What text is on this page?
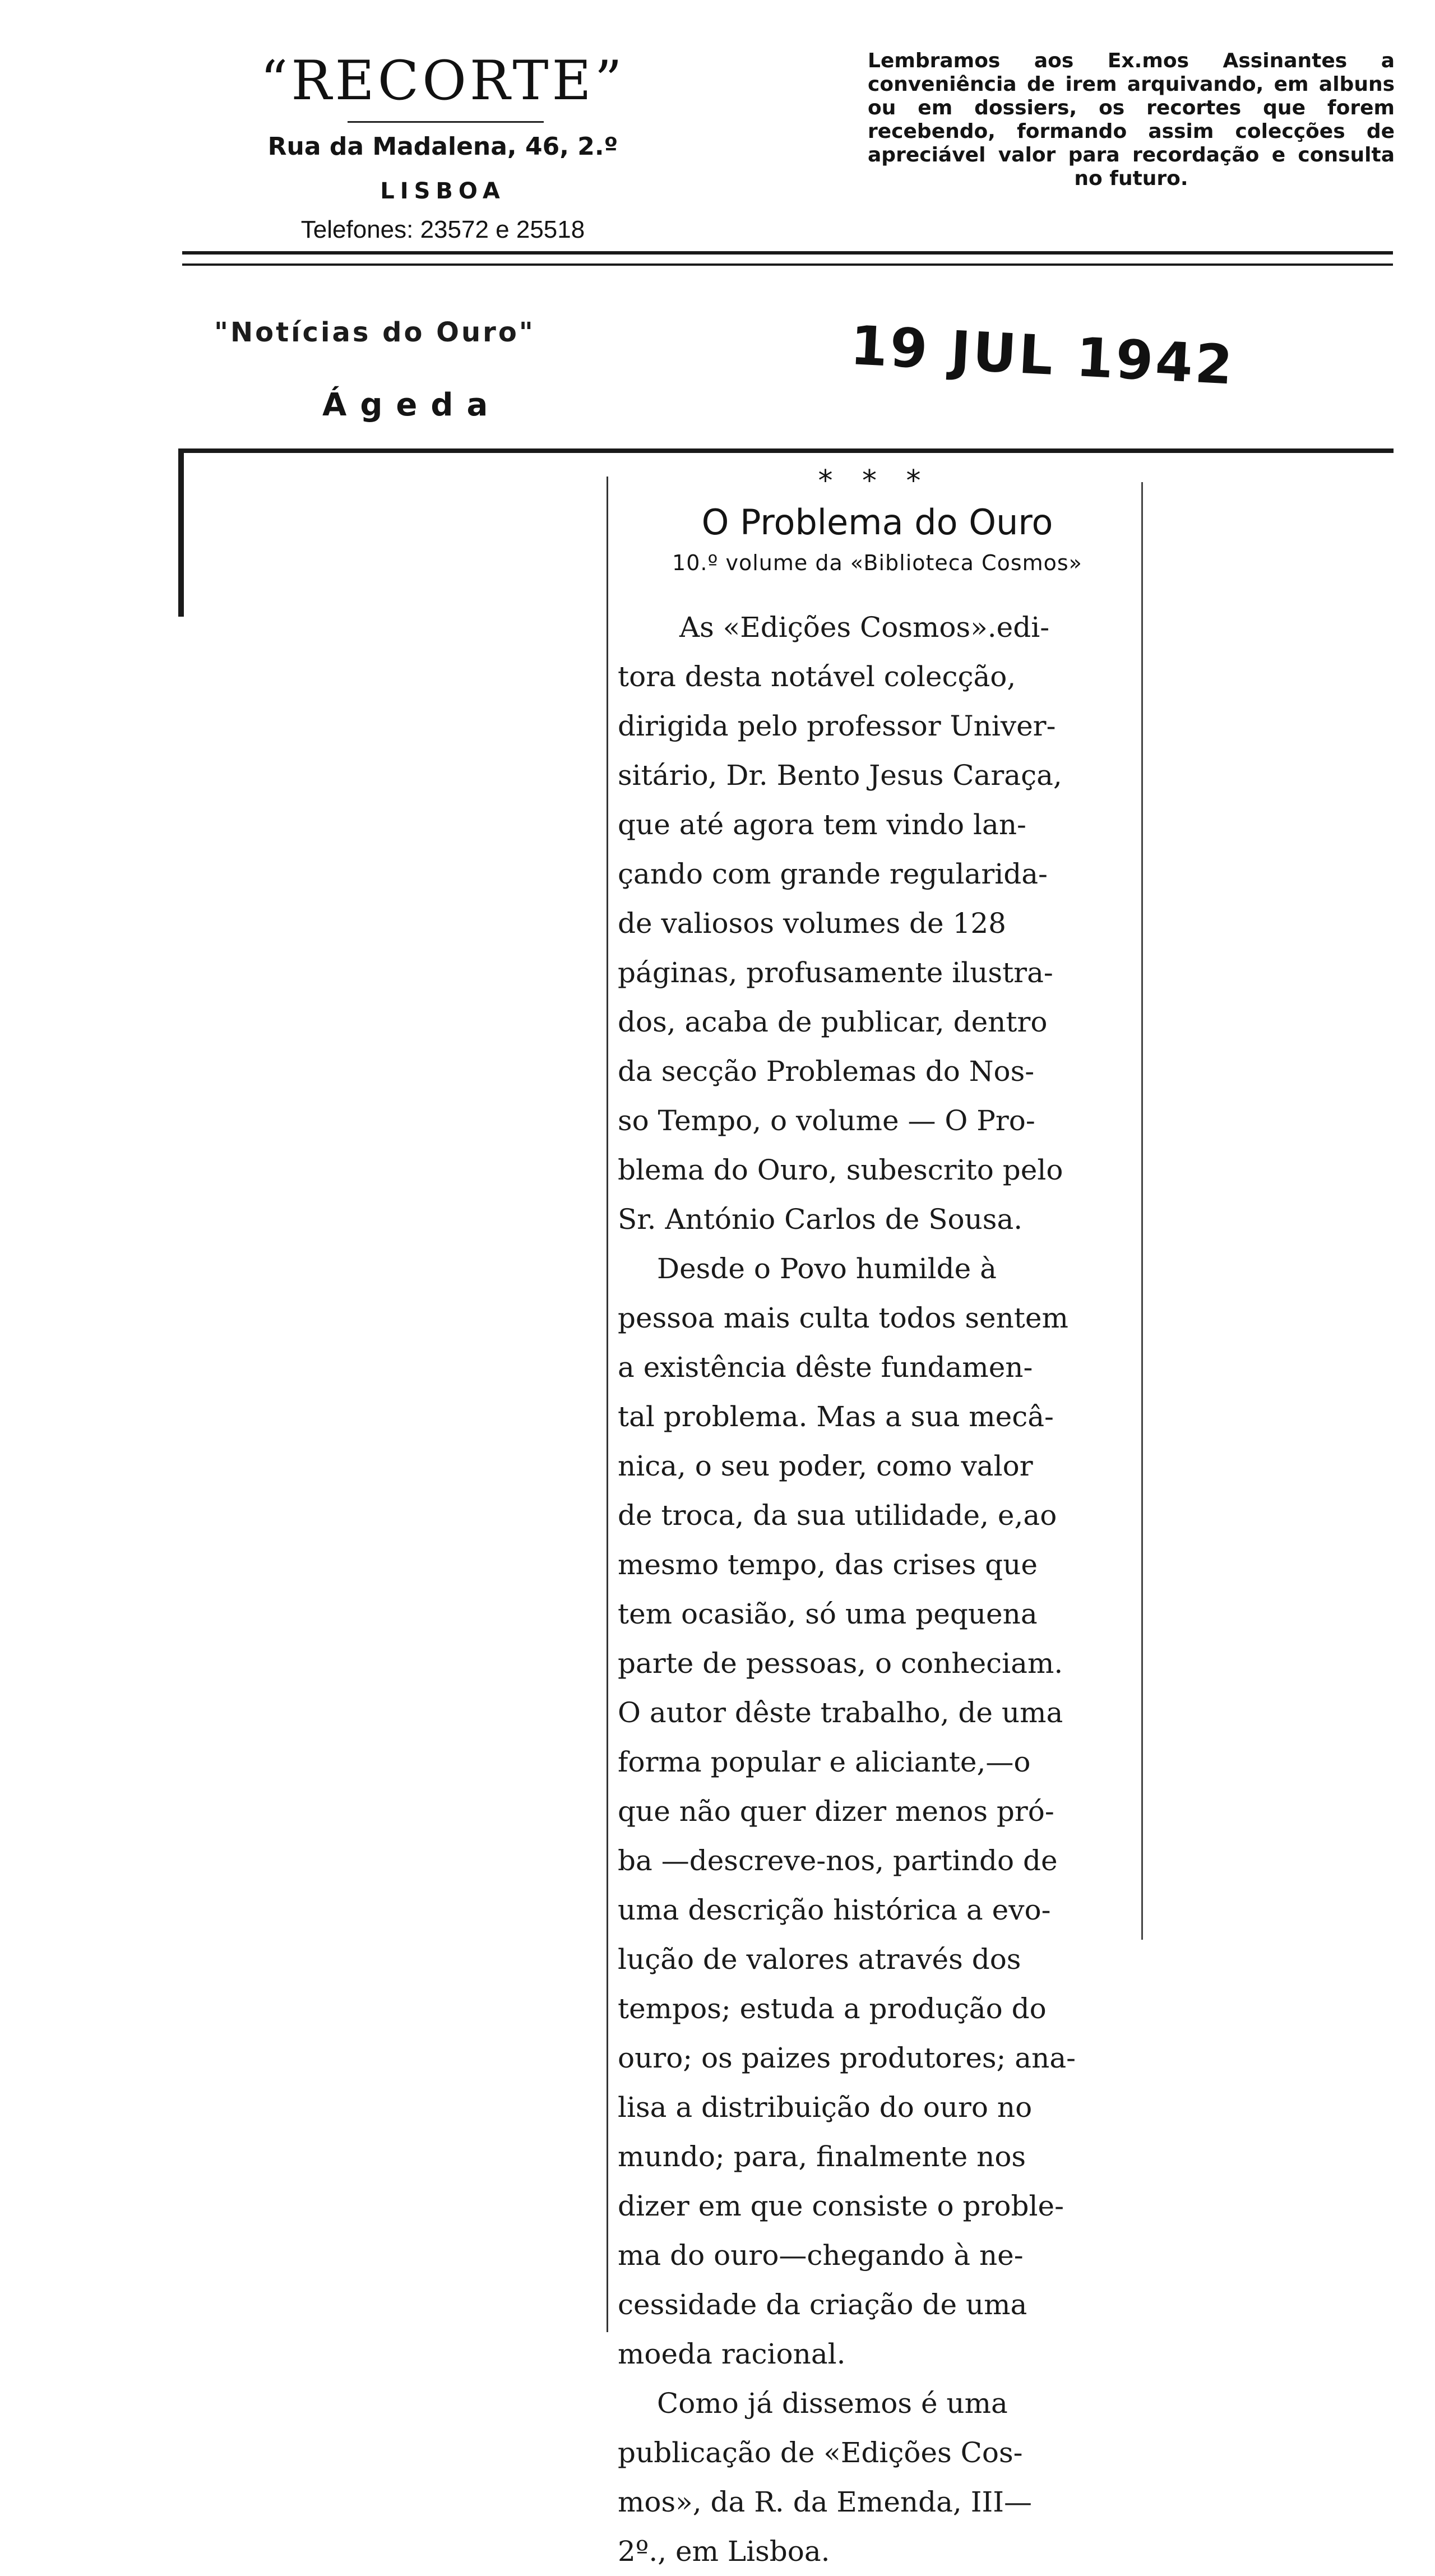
“RECORTE”
Rua da Madalena, 46, 2.º
LISBOA
Telefones: 23572 e 25518
Lembramos aos Ex.mos Assinantes a conveniência de irem arquivando, em albuns ou em dossiers, os recortes que forem recebendo, formando assim colecções de apreciável valor para recordação e consulta no futuro.
"Notícias do Ouro"
Ágeda
19 JUL 1942
* * *
O Problema do Ouro
10.º volume da «Biblioteca Cosmos»
As «Edições Cosmos».edi-
tora desta notável colecção,
dirigida pelo professor Univer-
sitário, Dr. Bento Jesus Caraça,
que até agora tem vindo lan-
çando com grande regularida-
de valiosos volumes de 128
páginas, profusamente ilustra-
dos, acaba de publicar, dentro
da secção Problemas do Nos-
so Tempo, o volume — O Pro-
blema do Ouro, subescrito pelo
Sr. António Carlos de Sousa.
Desde o Povo humilde à
pessoa mais culta todos sentem
a existência dêste fundamen-
tal problema. Mas a sua mecâ-
nica, o seu poder, como valor
de troca, da sua utilidade, e,ao
mesmo tempo, das crises que
tem ocasião, só uma pequena
parte de pessoas, o conheciam.
O autor dêste trabalho, de uma
forma popular e aliciante,—o
que não quer dizer menos pró-
ba —descreve-nos, partindo de
uma descrição histórica a evo-
lução de valores através dos
tempos; estuda a produção do
ouro; os paizes produtores; ana-
lisa a distribuição do ouro no
mundo; para, finalmente nos
dizer em que consiste o proble-
ma do ouro—chegando à ne-
cessidade da criação de uma
moeda racional.
Como já dissemos é uma
publicação de «Edições Cos-
mos», da R. da Emenda, III—
2º., em Lisboa.
